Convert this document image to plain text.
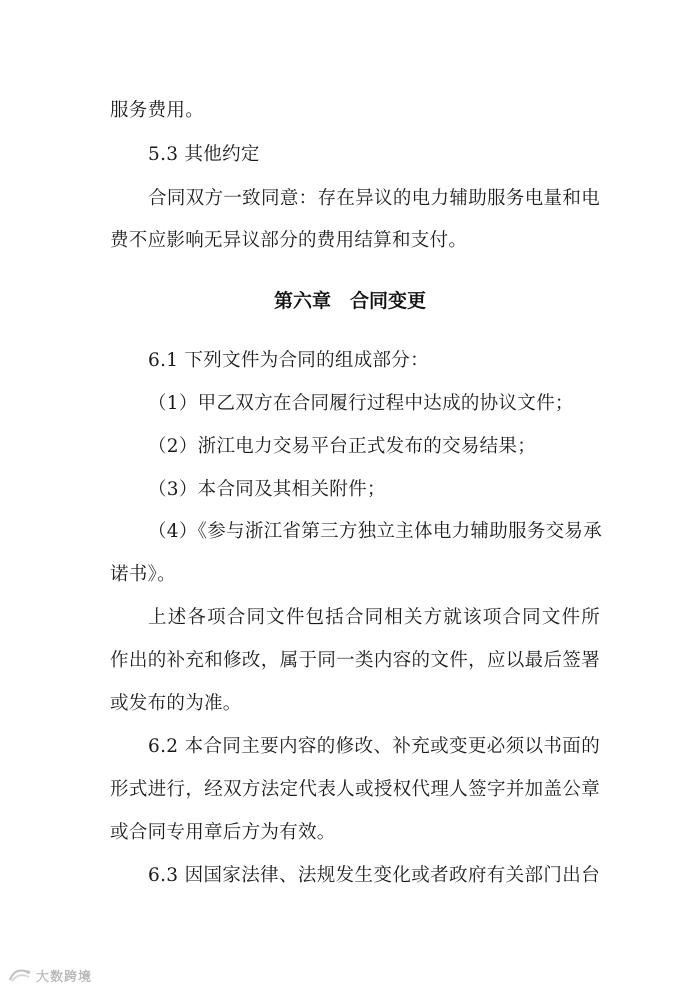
服务费用。
5.3 其他约定
合同双方一致同意：存在异议的电力辅助服务电量和电
费不应影响无异议部分的费用结算和支付。
第六章　合同变更
6.1 下列文件为合同的组成部分：
（1）甲乙双方在合同履行过程中达成的协议文件；
（2）浙江电力交易平台正式发布的交易结果；
（3）本合同及其相关附件；
（4）《参与浙江省第三方独立主体电力辅助服务交易承
诺书》。
上述各项合同文件包括合同相关方就该项合同文件所
作出的补充和修改，属于同一类内容的文件，应以最后签署
或发布的为准。
6.2 本合同主要内容的修改、补充或变更必须以书面的
形式进行，经双方法定代表人或授权代理人签字并加盖公章
或合同专用章后方为有效。
6.3 因国家法律、法规发生变化或者政府有关部门出台
大数跨境
